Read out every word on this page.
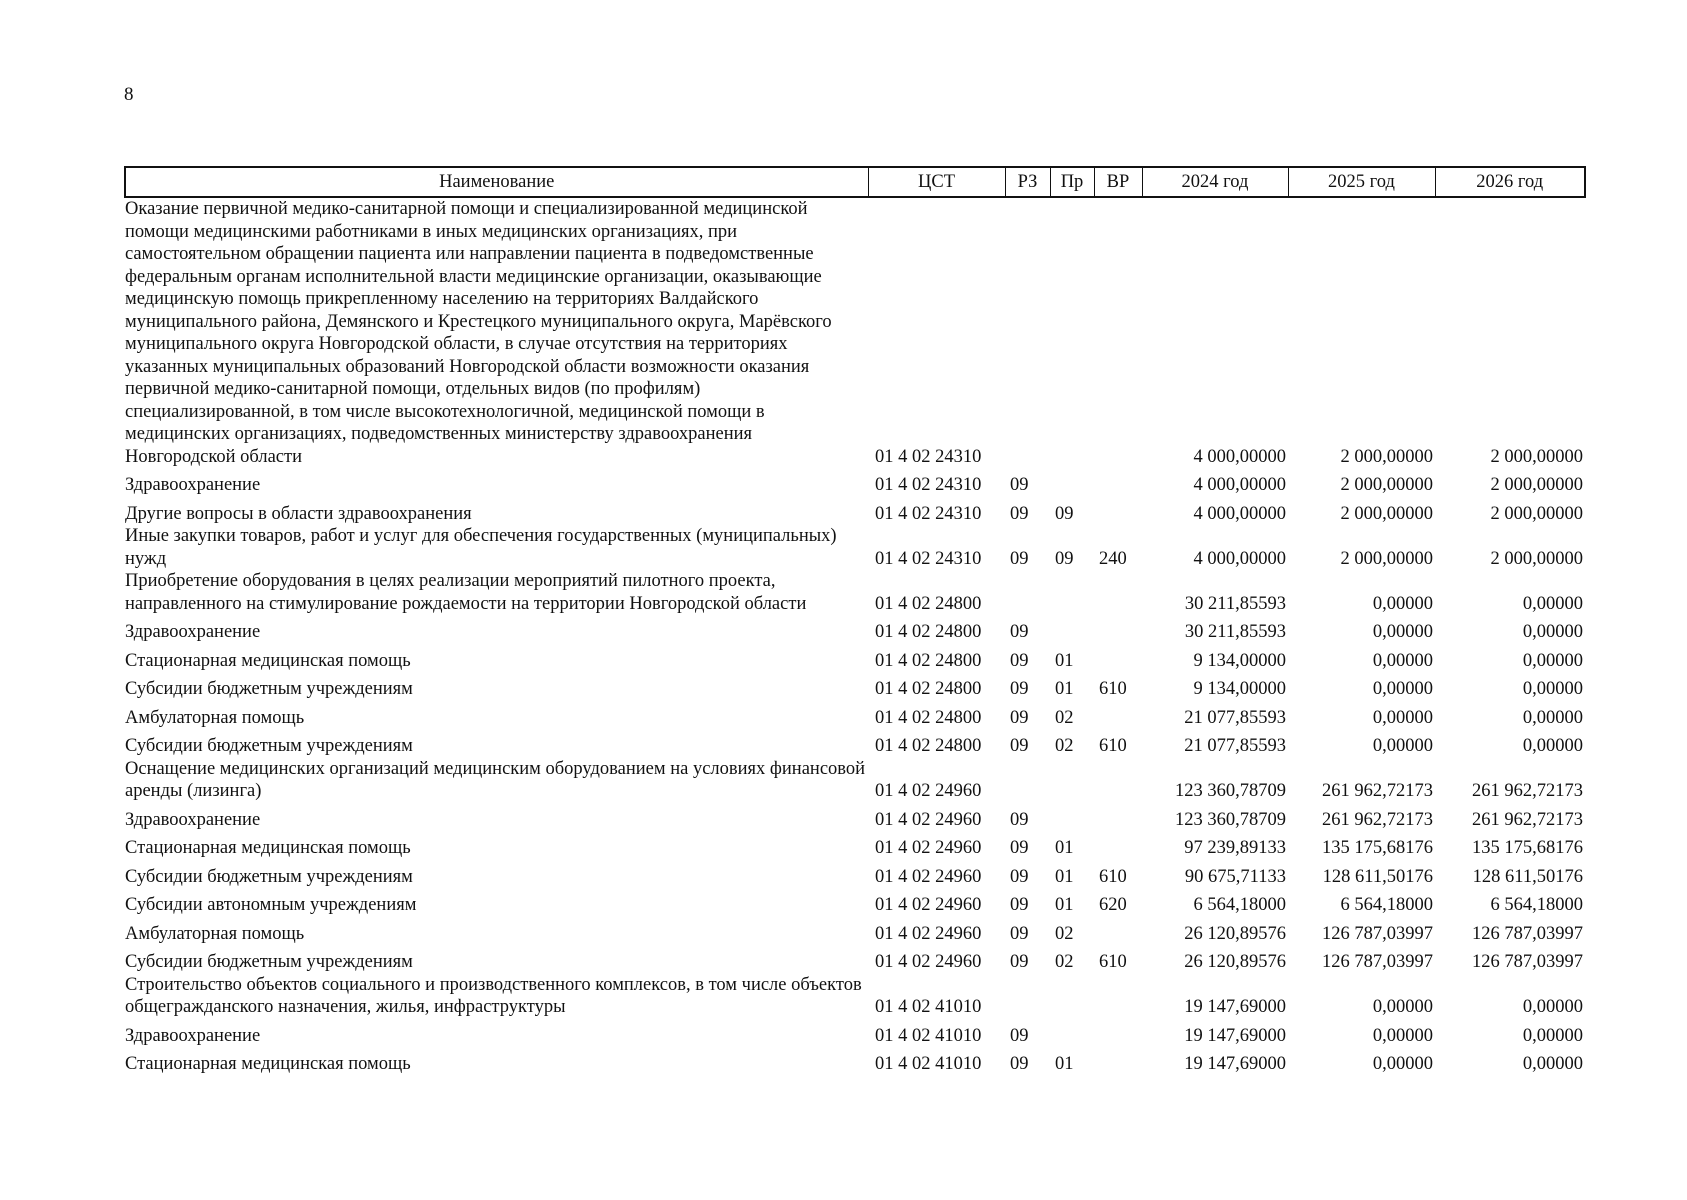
8
Наименование	ЦСТ	РЗ	Пр	ВР	2024 год	2025 год	2026 год
Оказание первичной медико-санитарной помощи и специализированной медицинской помощи медицинскими работниками в иных медицинских организациях, при самостоятельном обращении пациента или направлении пациента в подведомственные федеральным органам исполнительной власти медицинские организации, оказывающие медицинскую помощь прикрепленному населению на территориях Валдайского муниципального района, Демянского и Крестецкого муниципального округа, Марёвского муниципального округа Новгородской области, в случае отсутствия на территориях указанных муниципальных образований Новгородской области возможности оказания первичной медико-санитарной помощи, отдельных видов (по профилям) специализированной, в том числе высокотехнологичной, медицинской помощи в медицинских организациях, подведомственных министерству здравоохранения Новгородской области	01 4 02 24310				4 000,00000	2 000,00000	2 000,00000
Здравоохранение	01 4 02 24310	09			4 000,00000	2 000,00000	2 000,00000
Другие вопросы в области здравоохранения	01 4 02 24310	09	09		4 000,00000	2 000,00000	2 000,00000
Иные закупки товаров, работ и услуг для обеспечения государственных (муниципальных) нужд	01 4 02 24310	09	09	240	4 000,00000	2 000,00000	2 000,00000
Приобретение оборудования в целях реализации мероприятий пилотного проекта, направленного на стимулирование рождаемости на территории Новгородской области	01 4 02 24800				30 211,85593	0,00000	0,00000
Здравоохранение	01 4 02 24800	09			30 211,85593	0,00000	0,00000
Стационарная медицинская помощь	01 4 02 24800	09	01		9 134,00000	0,00000	0,00000
Субсидии бюджетным учреждениям	01 4 02 24800	09	01	610	9 134,00000	0,00000	0,00000
Амбулаторная помощь	01 4 02 24800	09	02		21 077,85593	0,00000	0,00000
Субсидии бюджетным учреждениям	01 4 02 24800	09	02	610	21 077,85593	0,00000	0,00000
Оснащение медицинских организаций медицинским оборудованием на условиях финансовой аренды (лизинга)	01 4 02 24960				123 360,78709	261 962,72173	261 962,72173
Здравоохранение	01 4 02 24960	09			123 360,78709	261 962,72173	261 962,72173
Стационарная медицинская помощь	01 4 02 24960	09	01		97 239,89133	135 175,68176	135 175,68176
Субсидии бюджетным учреждениям	01 4 02 24960	09	01	610	90 675,71133	128 611,50176	128 611,50176
Субсидии автономным учреждениям	01 4 02 24960	09	01	620	6 564,18000	6 564,18000	6 564,18000
Амбулаторная помощь	01 4 02 24960	09	02		26 120,89576	126 787,03997	126 787,03997
Субсидии бюджетным учреждениям	01 4 02 24960	09	02	610	26 120,89576	126 787,03997	126 787,03997
Строительство объектов социального и производственного комплексов, в том числе объектов общегражданского назначения, жилья, инфраструктуры	01 4 02 41010				19 147,69000	0,00000	0,00000
Здравоохранение	01 4 02 41010	09			19 147,69000	0,00000	0,00000
Стационарная медицинская помощь	01 4 02 41010	09	01		19 147,69000	0,00000	0,00000
